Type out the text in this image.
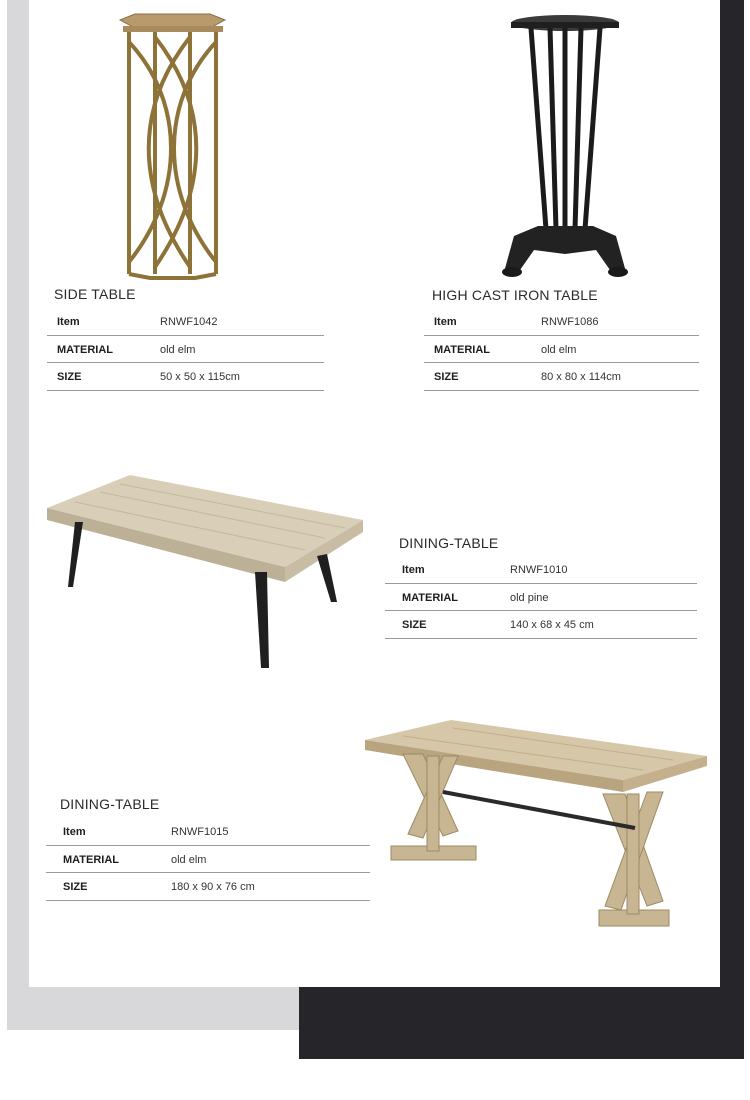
SIDE TABLE
Item	RNWF1042
MATERIAL	old elm
SIZE	50 x 50 x 115cm
HIGH CAST IRON TABLE
Item	RNWF1086
MATERIAL	old elm
SIZE	80 x 80 x 114cm
DINING-TABLE
Item	RNWF1010
MATERIAL	old pine
SIZE	140 x 68 x 45 cm
DINING-TABLE
Item	RNWF1015
MATERIAL	old elm
SIZE	180 x 90 x 76 cm
